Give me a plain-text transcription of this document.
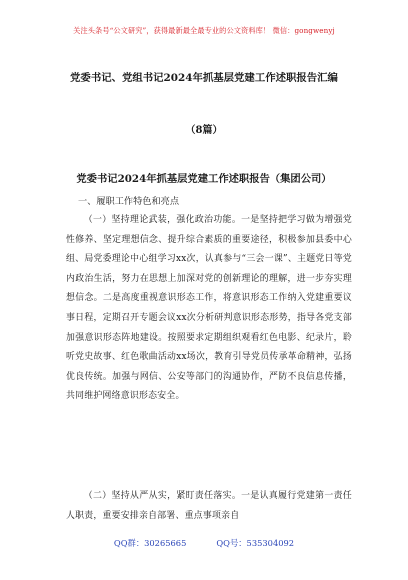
关注头条号“公文研究”，获得最新最全最专业的公文资料库！ 微信：gongwenyj
党委书记、党组书记2024年抓基层党建工作述职报告汇编
（8篇）
党委书记2024年抓基层党建工作述职报告（集团公司）
一、履职工作特色和亮点

（一）坚持理论武装，强化政治功能。一是坚持把学习做为增强党性修养、坚定理想信念、提升综合素质的重要途径，积极参加县委中心组、局党委理论中心组学习xx次，认真参与“三会一课”、主题党日等党内政治生活，努力在思想上加深对党的创新理论的理解，进一步夯实理想信念。二是高度重视意识形态工作，将意识形态工作纳入党建重要议事日程，定期召开专题会议xx次分析研判意识形态形势，指导各党支部加强意识形态阵地建设。按照要求定期组织观看红色电影、纪录片，聆听党史故事、红色歌曲活动xx场次，教育引导党员传承革命精神，弘扬优良传统。加强与网信、公安等部门的沟通协作，严防不良信息传播，共同维护网络意识形态安全。

（二）坚持从严从实，紧盯责任落实。一是认真履行党建第一责任人职责，重要安排亲自部署、重点事项亲自

QQ群：30265665	QQ号：535304092
